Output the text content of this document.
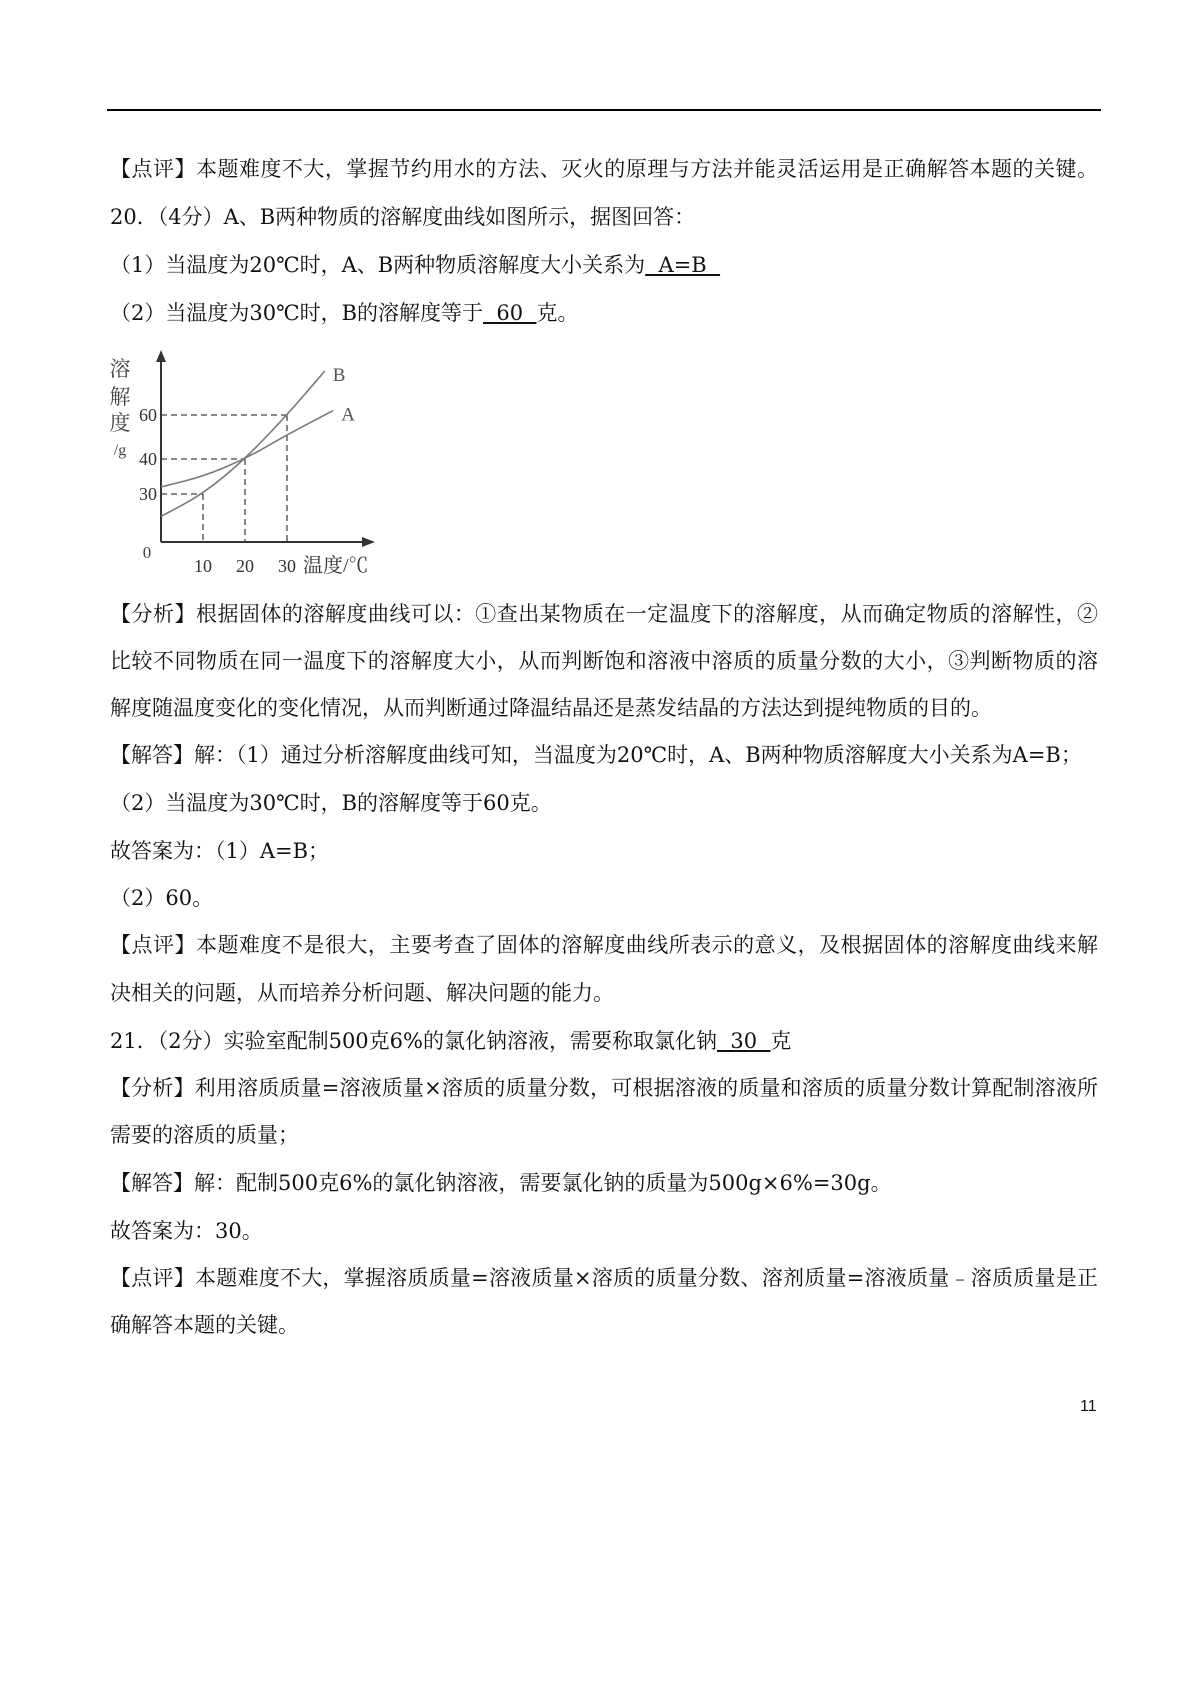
【点评】本题难度不大，掌握节约用水的方法、灭火的原理与方法并能灵活运用是正确解答本题的关键。
20．（4分）A、B两种物质的溶解度曲线如图所示，据图回答：
（1）当温度为20℃时，A、B两种物质溶解度大小关系为  A=B
（2）当温度为30℃时，B的溶解度等于  60  克。
B
A
10 20 30
30
40
60
0
温度/℃
溶
解
度
/g
【分析】根据固体的溶解度曲线可以：①查出某物质在一定温度下的溶解度，从而确定物质的溶解性，②
比较不同物质在同一温度下的溶解度大小，从而判断饱和溶液中溶质的质量分数的大小，③判断物质的溶
解度随温度变化的变化情况，从而判断通过降温结晶还是蒸发结晶的方法达到提纯物质的目的。
【解答】解：（1）通过分析溶解度曲线可知，当温度为20℃时，A、B两种物质溶解度大小关系为A=B；
（2）当温度为30℃时，B的溶解度等于60克。
故答案为：（1）A=B；
（2）60。
【点评】本题难度不是很大，主要考查了固体的溶解度曲线所表示的意义，及根据固体的溶解度曲线来解
决相关的问题，从而培养分析问题、解决问题的能力。
21．（2分）实验室配制500克6%的氯化钠溶液，需要称取氯化钠  30  克
【分析】利用溶质质量=溶液质量×溶质的质量分数，可根据溶液的质量和溶质的质量分数计算配制溶液所
需要的溶质的质量；
【解答】解：配制500克6%的氯化钠溶液，需要氯化钠的质量为500g×6%=30g。
故答案为：30。
【点评】本题难度不大，掌握溶质质量=溶液质量×溶质的质量分数、溶剂质量=溶液质量﹣溶质质量是正
确解答本题的关键。
11
